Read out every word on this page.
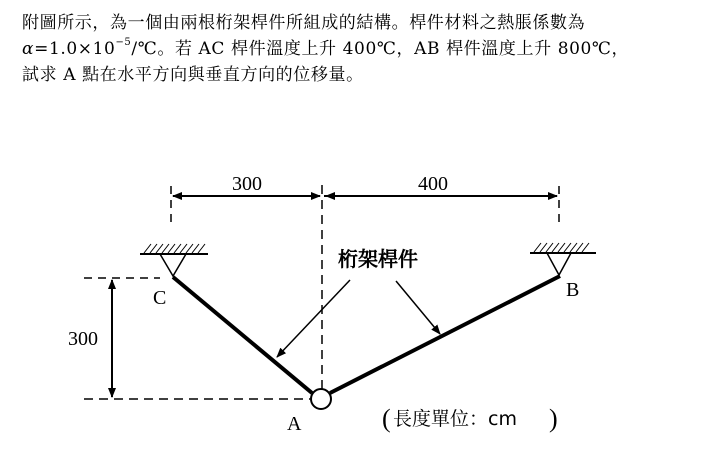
附圖所示，為一個由兩根桁架桿件所組成的結構。桿件材料之熱脹係數為
$\alpha=1.0\times 10^{-5}/℃$。若 AC 桿件溫度上升 400℃，AB 桿件溫度上升 800℃，
試求 A 點在水平方向與垂直方向的位移量。
300	400
300
C	B
A
桁架桿件
( 長度單位：cm )
